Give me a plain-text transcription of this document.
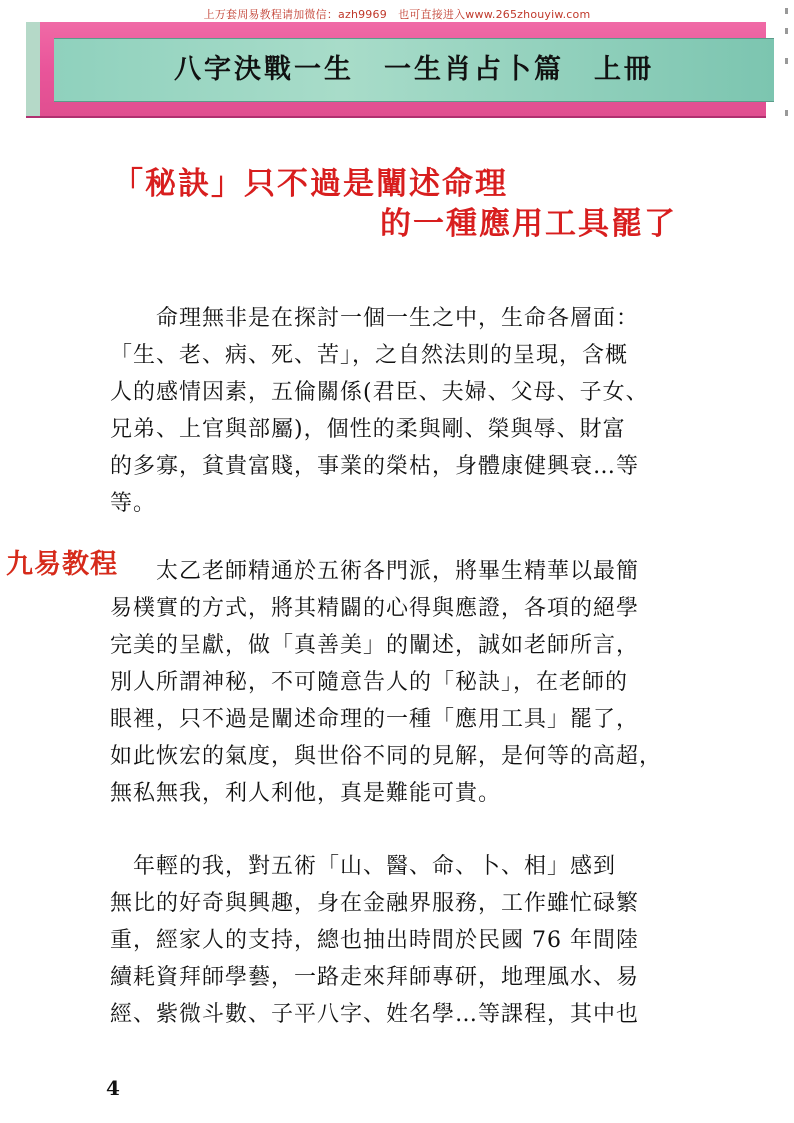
上万套周易教程请加微信：azh9969　也可直接进入www.265zhouyiw.com
八字決戰一生　一生肖占卜篇　上冊
「秘訣」只不過是闡述命理
的一種應用工具罷了
九易教程
　　命理無非是在探討一個一生之中，生命各層面：
「生、老、病、死、苦」，之自然法則的呈現，含概
人的感情因素，五倫關係(君臣、夫婦、父母、子女、
兄弟、上官與部屬)，個性的柔與剛、榮與辱、財富
的多寡，貧貴富賤，事業的榮枯，身體康健興衰…等
等。
　　太乙老師精通於五術各門派，將畢生精華以最簡
易樸實的方式，將其精闢的心得與應證，各項的絕學
完美的呈獻，做「真善美」的闡述，誠如老師所言，
別人所謂神秘，不可隨意告人的「秘訣」，在老師的
眼裡，只不過是闡述命理的一種「應用工具」罷了，
如此恢宏的氣度，與世俗不同的見解，是何等的高超，
無私無我，利人利他，真是難能可貴。
　年輕的我，對五術「山、醫、命、卜、相」感到
無比的好奇與興趣，身在金融界服務，工作雖忙碌繁
重，經家人的支持，總也抽出時間於民國 76 年間陸
續耗資拜師學藝，一路走來拜師專研，地理風水、易
經、紫微斗數、子平八字、姓名學…等課程，其中也
4
